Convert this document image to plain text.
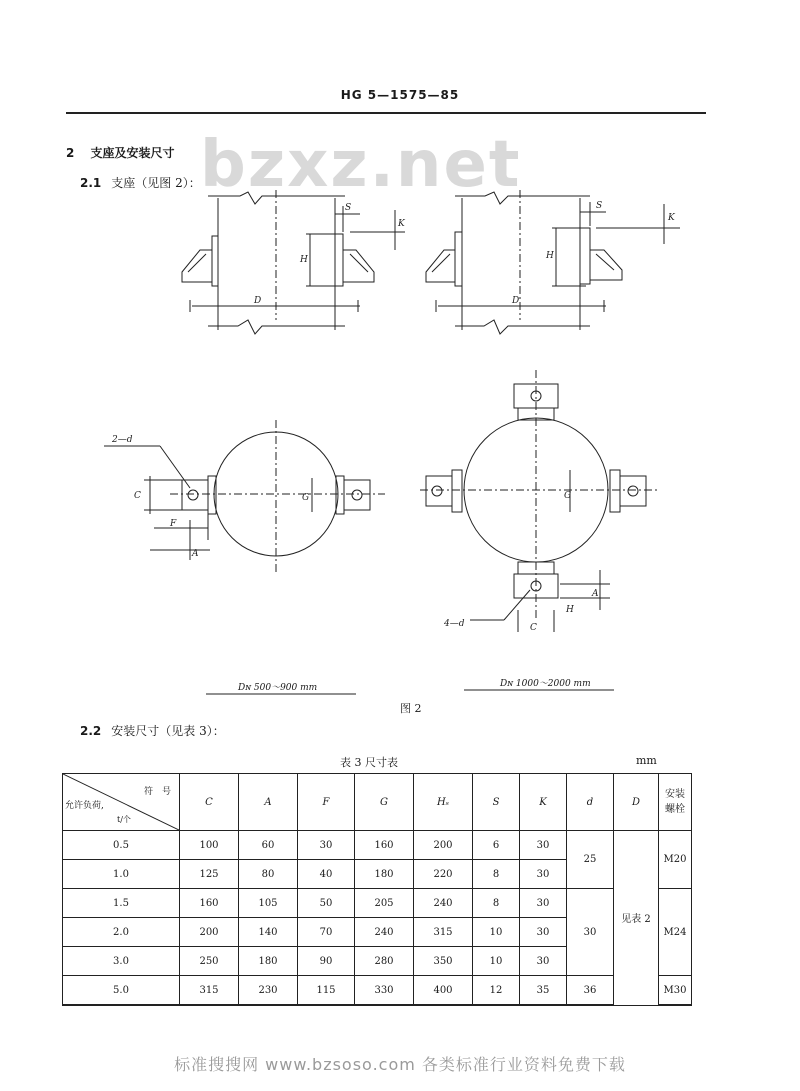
HG 5—1575—85
bzxz.net
2 支座及安装尺寸
2.1 支座（见图 2）：
S
K
H
D
S
K
H
D
2—d
C	G
F
A
G
A
H
C
4—d
Dɴ 500～900 mm	Dɴ 1000～2000 mm
图 2
2.2 安装尺寸（见表 3）：
表 3 尺寸表	mm
符　号
允许负荷,
t/个	C	A	F	G	Hₛ	S	K	d	D	安装
螺栓
0.5	100	60	30	160	200	6	30	25	见表 2	M20
1.0	125	80	40	180	220	8	30			
1.5	160	105	50	205	240	8	30	30		M24
2.0	200	140	70	240	315	10	30			
3.0	250	180	90	280	350	10	30			
5.0	315	230	115	330	400	12	35	36		M30
标准搜搜网 www.bzsoso.com 各类标准行业资料免费下载
